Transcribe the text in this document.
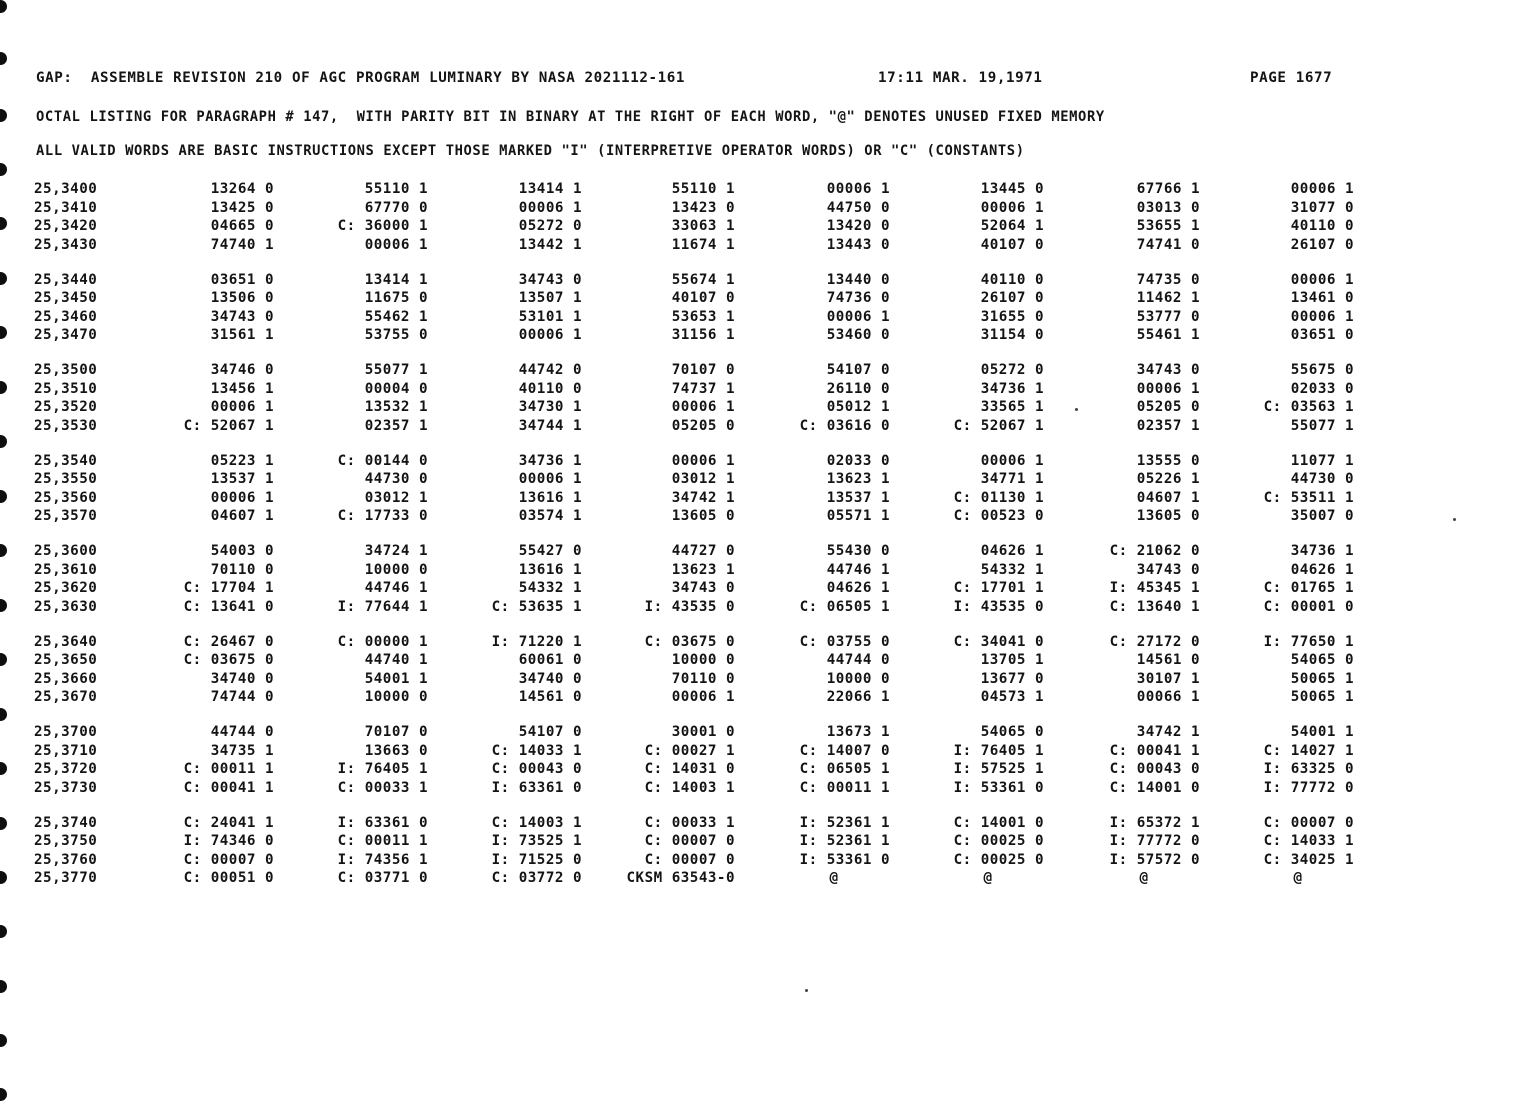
GAP:  ASSEMBLE REVISION 210 OF AGC PROGRAM LUMINARY BY NASA 2021112-161	17:11 MAR. 19,1971	PAGE 1677
OCTAL LISTING FOR PARAGRAPH # 147,  WITH PARITY BIT IN BINARY AT THE RIGHT OF EACH WORD, "@" DENOTES UNUSED FIXED MEMORY
ALL VALID WORDS ARE BASIC INSTRUCTIONS EXCEPT THOSE MARKED "I" (INTERPRETIVE OPERATOR WORDS) OR "C" (CONSTANTS)
25,3400	13264 0	55110 1	13414 1	55110 1	00006 1	13445 0	67766 1	00006 1
25,3410	13425 0	67770 0	00006 1	13423 0	44750 0	00006 1	03013 0	31077 0
25,3420	04665 0	C: 36000 1	05272 0	33063 1	13420 0	52064 1	53655 1	40110 0
25,3430	74740 1	00006 1	13442 1	11674 1	13443 0	40107 0	74741 0	26107 0
25,3440	03651 0	13414 1	34743 0	55674 1	13440 0	40110 0	74735 0	00006 1
25,3450	13506 0	11675 0	13507 1	40107 0	74736 0	26107 0	11462 1	13461 0
25,3460	34743 0	55462 1	53101 1	53653 1	00006 1	31655 0	53777 0	00006 1
25,3470	31561 1	53755 0	00006 1	31156 1	53460 0	31154 0	55461 1	03651 0
25,3500	34746 0	55077 1	44742 0	70107 0	54107 0	05272 0	34743 0	55675 0
25,3510	13456 1	00004 0	40110 0	74737 1	26110 0	34736 1	00006 1	02033 0
25,3520	00006 1	13532 1	34730 1	00006 1	05012 1	33565 1	05205 0	C: 03563 1
25,3530	C: 52067 1	02357 1	34744 1	05205 0	C: 03616 0	C: 52067 1	02357 1	55077 1
25,3540	05223 1	C: 00144 0	34736 1	00006 1	02033 0	00006 1	13555 0	11077 1
25,3550	13537 1	44730 0	00006 1	03012 1	13623 1	34771 1	05226 1	44730 0
25,3560	00006 1	03012 1	13616 1	34742 1	13537 1	C: 01130 1	04607 1	C: 53511 1
25,3570	04607 1	C: 17733 0	03574 1	13605 0	05571 1	C: 00523 0	13605 0	35007 0
25,3600	54003 0	34724 1	55427 0	44727 0	55430 0	04626 1	C: 21062 0	34736 1
25,3610	70110 0	10000 0	13616 1	13623 1	44746 1	54332 1	34743 0	04626 1
25,3620	C: 17704 1	44746 1	54332 1	34743 0	04626 1	C: 17701 1	I: 45345 1	C: 01765 1
25,3630	C: 13641 0	I: 77644 1	C: 53635 1	I: 43535 0	C: 06505 1	I: 43535 0	C: 13640 1	C: 00001 0
25,3640	C: 26467 0	C: 00000 1	I: 71220 1	C: 03675 0	C: 03755 0	C: 34041 0	C: 27172 0	I: 77650 1
25,3650	C: 03675 0	44740 1	60061 0	10000 0	44744 0	13705 1	14561 0	54065 0
25,3660	34740 0	54001 1	34740 0	70110 0	10000 0	13677 0	30107 1	50065 1
25,3670	74744 0	10000 0	14561 0	00006 1	22066 1	04573 1	00066 1	50065 1
25,3700	44744 0	70107 0	54107 0	30001 0	13673 1	54065 0	34742 1	54001 1
25,3710	34735 1	13663 0	C: 14033 1	C: 00027 1	C: 14007 0	I: 76405 1	C: 00041 1	C: 14027 1
25,3720	C: 00011 1	I: 76405 1	C: 00043 0	C: 14031 0	C: 06505 1	I: 57525 1	C: 00043 0	I: 63325 0
25,3730	C: 00041 1	C: 00033 1	I: 63361 0	C: 14003 1	C: 00011 1	I: 53361 0	C: 14001 0	I: 77772 0
25,3740	C: 24041 1	I: 63361 0	C: 14003 1	C: 00033 1	I: 52361 1	C: 14001 0	I: 65372 1	C: 00007 0
25,3750	I: 74346 0	C: 00011 1	I: 73525 1	C: 00007 0	I: 52361 1	C: 00025 0	I: 77772 0	C: 14033 1
25,3760	C: 00007 0	I: 74356 1	I: 71525 0	C: 00007 0	I: 53361 0	C: 00025 0	I: 57572 0	C: 34025 1
25,3770	C: 00051 0	C: 03771 0	C: 03772 0	CKSM 63543-0	@	@	@	@
